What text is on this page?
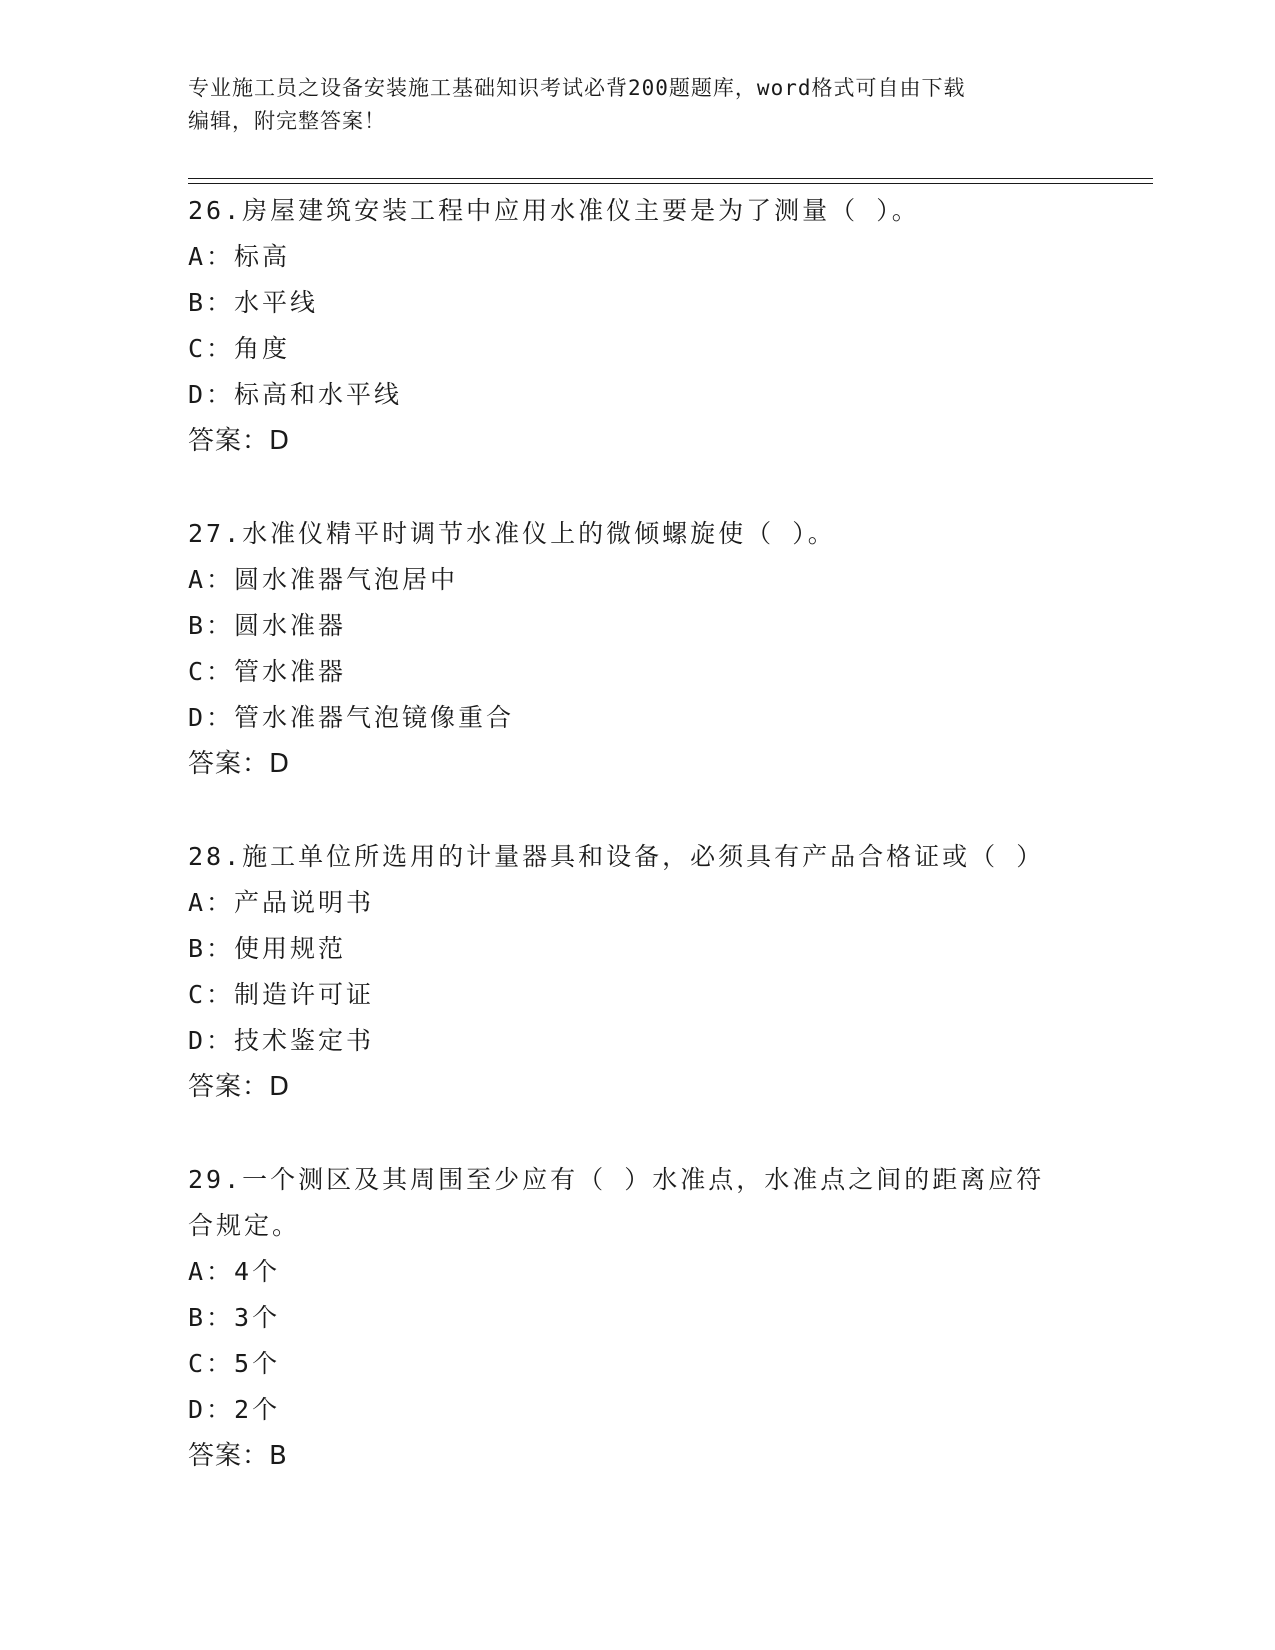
专业施工员之设备安装施工基础知识考试必背200题题库，word格式可自由下载
编辑，附完整答案！
26.房屋建筑安装工程中应用水准仪主要是为了测量（ ）。
A：标高
B：水平线
C：角度
D：标高和水平线
答案：D
27.水准仪精平时调节水准仪上的微倾螺旋使（ ）。
A：圆水准器气泡居中
B：圆水准器
C：管水准器
D：管水准器气泡镜像重合
答案：D
28.施工单位所选用的计量器具和设备，必须具有产品合格证或（ ）
A：产品说明书
B：使用规范
C：制造许可证
D：技术鉴定书
答案：D
29.一个测区及其周围至少应有（ ）水准点，水准点之间的距离应符
合规定。
A：4个
B：3个
C：5个
D：2个
答案：B
